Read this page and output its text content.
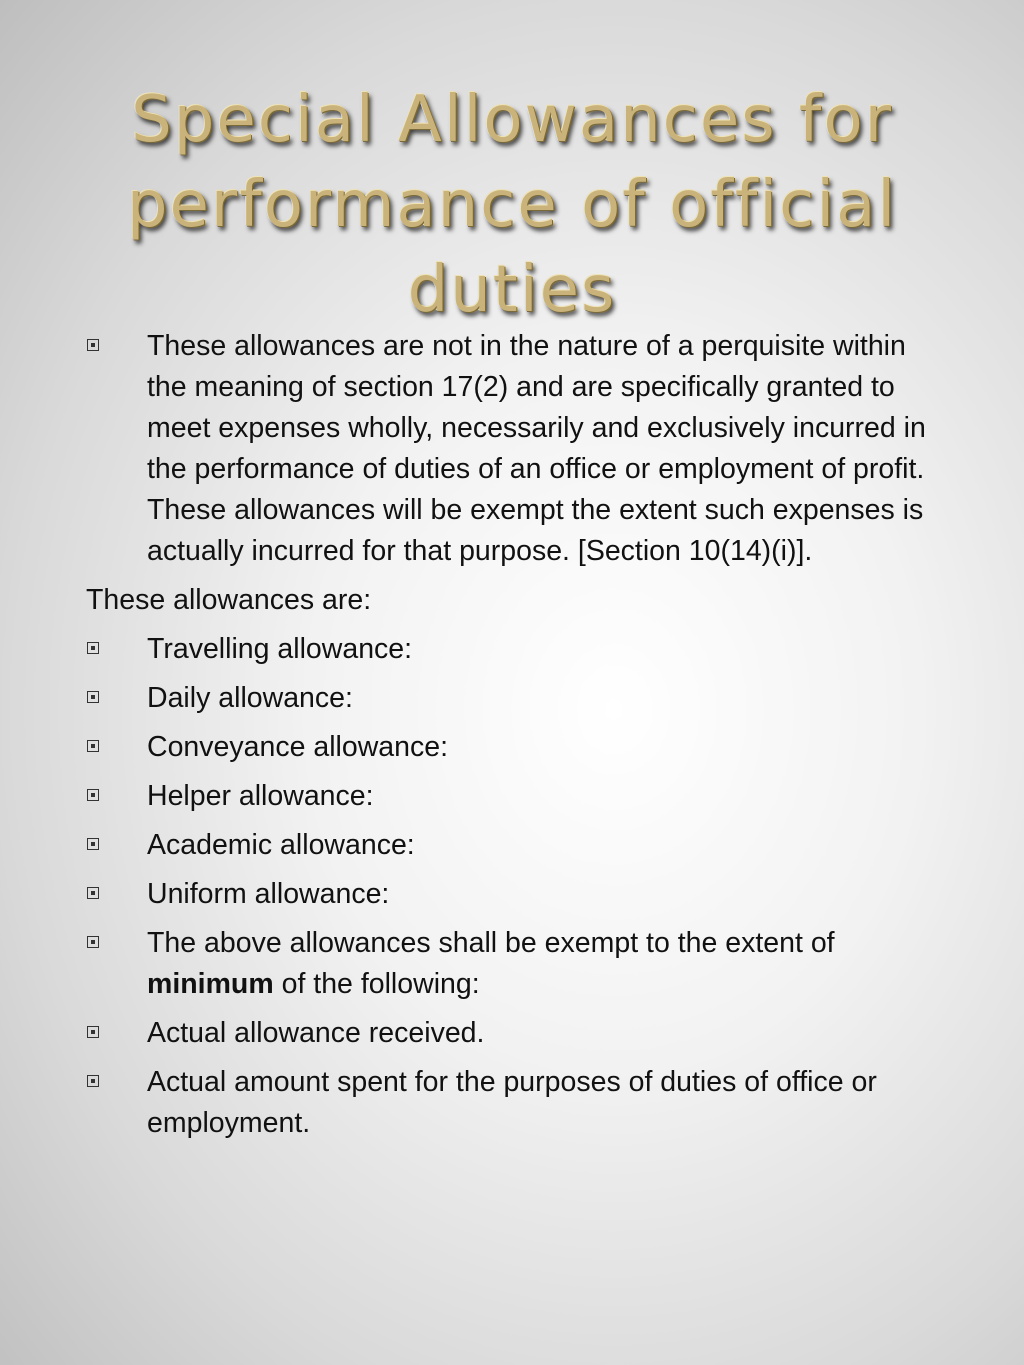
Special Allowances for
performance of official
duties
These allowances are not in the nature of a perquisite within the meaning of section 17(2) and are specifically granted to meet expenses wholly, necessarily and exclusively incurred in the performance of duties of an office or employment of profit. These allowances will be exempt the extent such expenses is actually incurred for that purpose. [Section 10(14)(i)].
These allowances are:
Travelling allowance:
Daily allowance:
Conveyance allowance:
Helper allowance:
Academic allowance:
Uniform allowance:
The above allowances shall be exempt to the extent of minimum of the following:
Actual allowance received.
Actual amount spent for the purposes of duties of office or employment.
